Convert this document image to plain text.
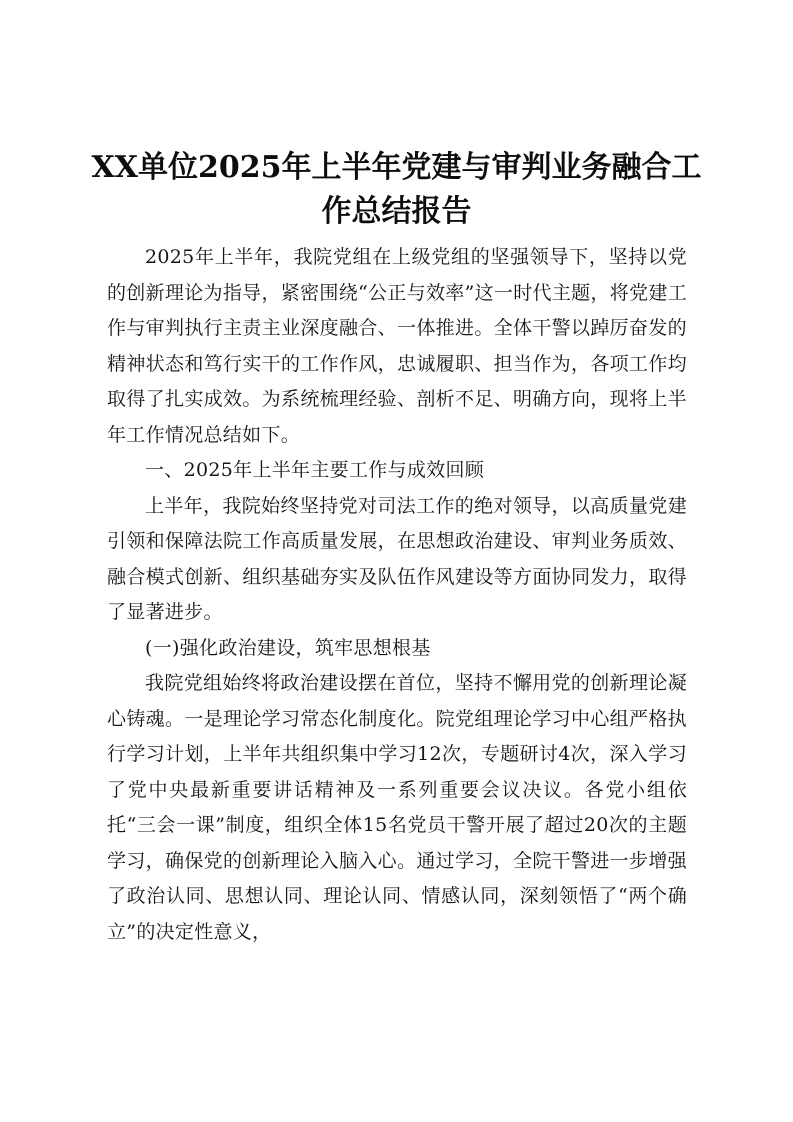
XX单位2025年上半年党建与审判业务融合工作总结报告

2025年上半年，我院党组在上级党组的坚强领导下，坚持以党的创新理论为指导，紧密围绕“公正与效率”这一时代主题，将党建工作与审判执行主责主业深度融合、一体推进。全体干警以踔厉奋发的精神状态和笃行实干的工作作风，忠诚履职、担当作为，各项工作均取得了扎实成效。为系统梳理经验、剖析不足、明确方向，现将上半年工作情况总结如下。

一、2025年上半年主要工作与成效回顾

上半年，我院始终坚持党对司法工作的绝对领导，以高质量党建引领和保障法院工作高质量发展，在思想政治建设、审判业务质效、融合模式创新、组织基础夯实及队伍作风建设等方面协同发力，取得了显著进步。

(一)强化政治建设，筑牢思想根基

我院党组始终将政治建设摆在首位，坚持不懈用党的创新理论凝心铸魂。一是理论学习常态化制度化。院党组理论学习中心组严格执行学习计划，上半年共组织集中学习12次，专题研讨4次，深入学习了党中央最新重要讲话精神及一系列重要会议决议。各党小组依托“三会一课”制度，组织全体15名党员干警开展了超过20次的主题学习，确保党的创新理论入脑入心。通过学习，全院干警进一步增强了政治认同、思想认同、理论认同、情感认同，深刻领悟了“两个确立”的决定性意义，
